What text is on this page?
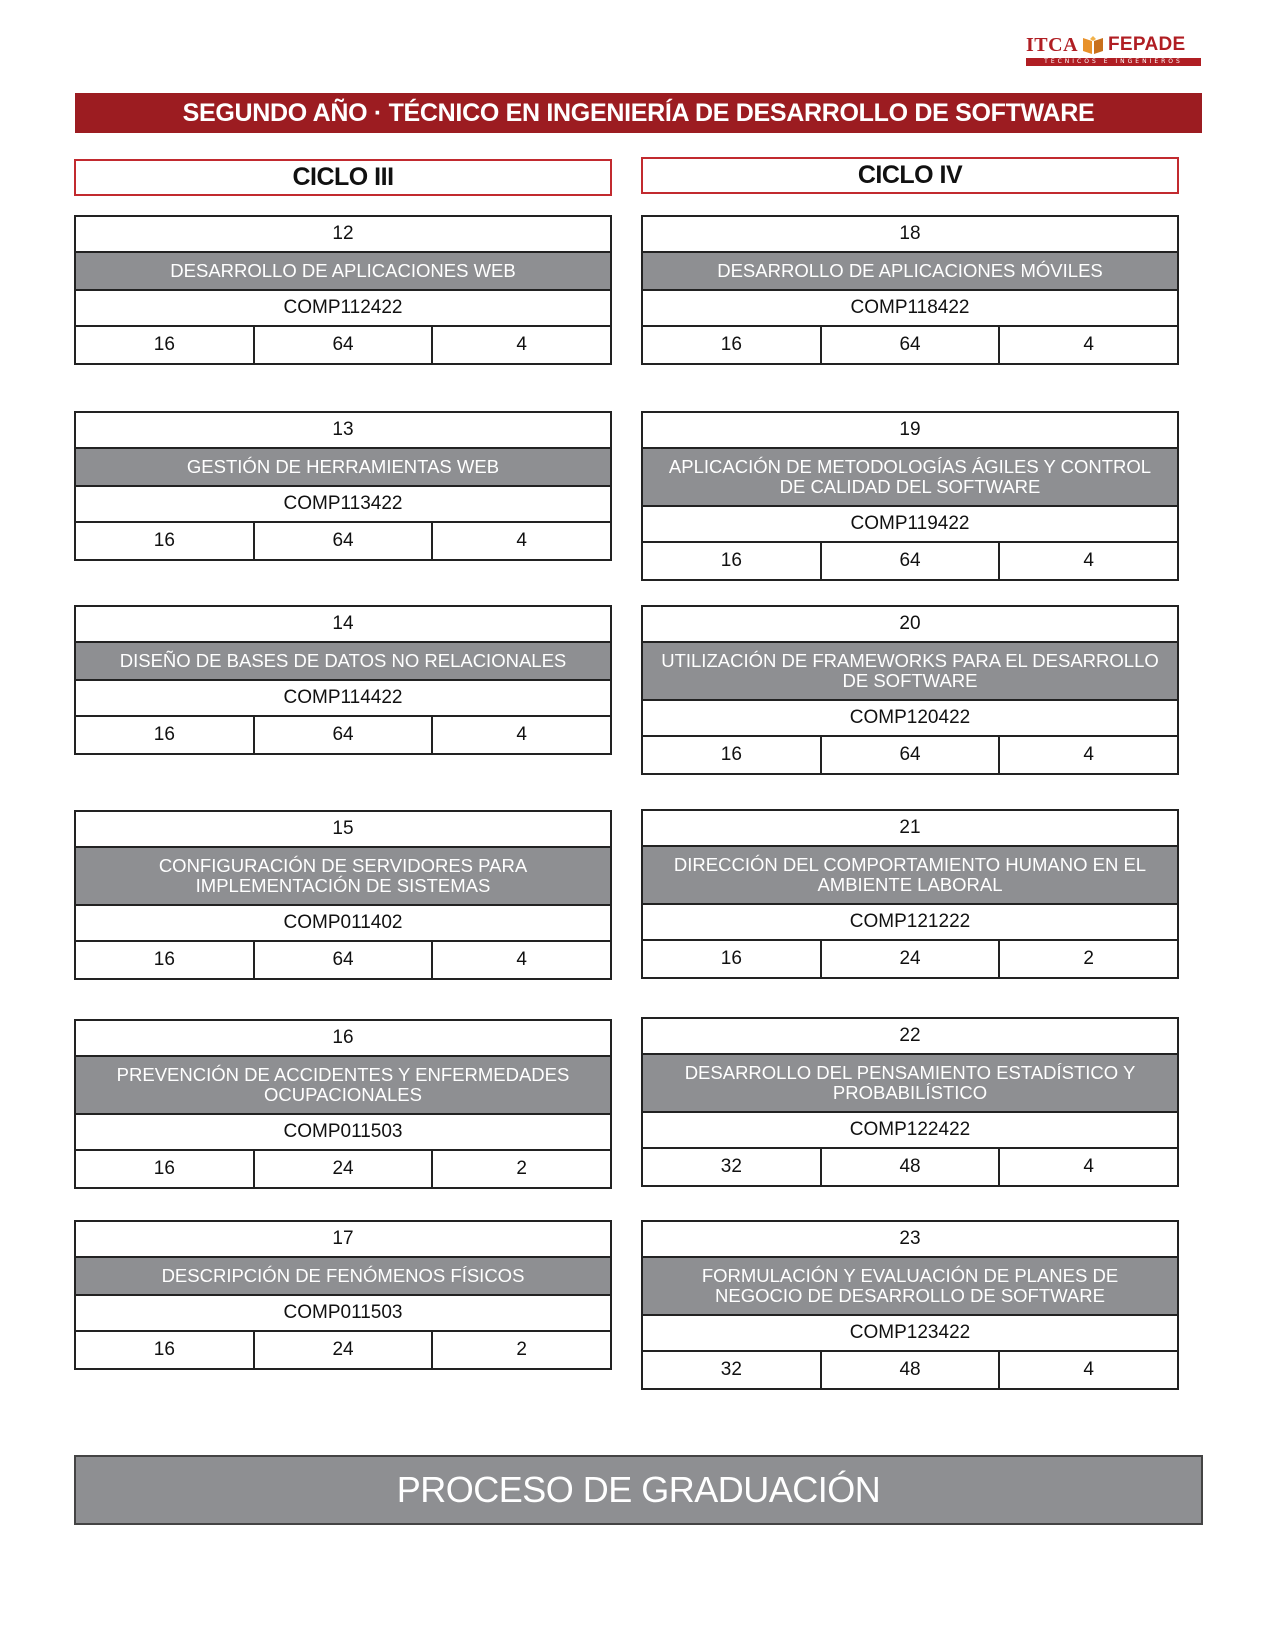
ITCA FEPADE
TÉCNICOS E INGENIEROS
SEGUNDO AÑO · TÉCNICO EN INGENIERÍA DE DESARROLLO DE SOFTWARE
CICLO III	CICLO IV
12
DESARROLLO DE APLICACIONES WEB
COMP112422
16	64	4
13
GESTIÓN DE HERRAMIENTAS WEB
COMP113422
16	64	4
14
DISEÑO DE BASES DE DATOS NO RELACIONALES
COMP114422
16	64	4
15
CONFIGURACIÓN DE SERVIDORES PARA IMPLEMENTACIÓN DE SISTEMAS
COMP011402
16	64	4
16
PREVENCIÓN DE ACCIDENTES Y ENFERMEDADES OCUPACIONALES
COMP011503
16	24	2
17
DESCRIPCIÓN DE FENÓMENOS FÍSICOS
COMP011503
16	24	2
18
DESARROLLO DE APLICACIONES MÓVILES
COMP118422
16	64	4
19
APLICACIÓN DE METODOLOGÍAS ÁGILES Y CONTROL DE CALIDAD DEL SOFTWARE
COMP119422
16	64	4
20
UTILIZACIÓN DE FRAMEWORKS PARA EL DESARROLLO DE SOFTWARE
COMP120422
16	64	4
21
DIRECCIÓN DEL COMPORTAMIENTO HUMANO EN EL AMBIENTE LABORAL
COMP121222
16	24	2
22
DESARROLLO DEL PENSAMIENTO ESTADÍSTICO Y PROBABILÍSTICO
COMP122422
32	48	4
23
FORMULACIÓN Y EVALUACIÓN DE PLANES DE NEGOCIO DE DESARROLLO DE SOFTWARE
COMP123422
32	48	4
PROCESO DE GRADUACIÓN
